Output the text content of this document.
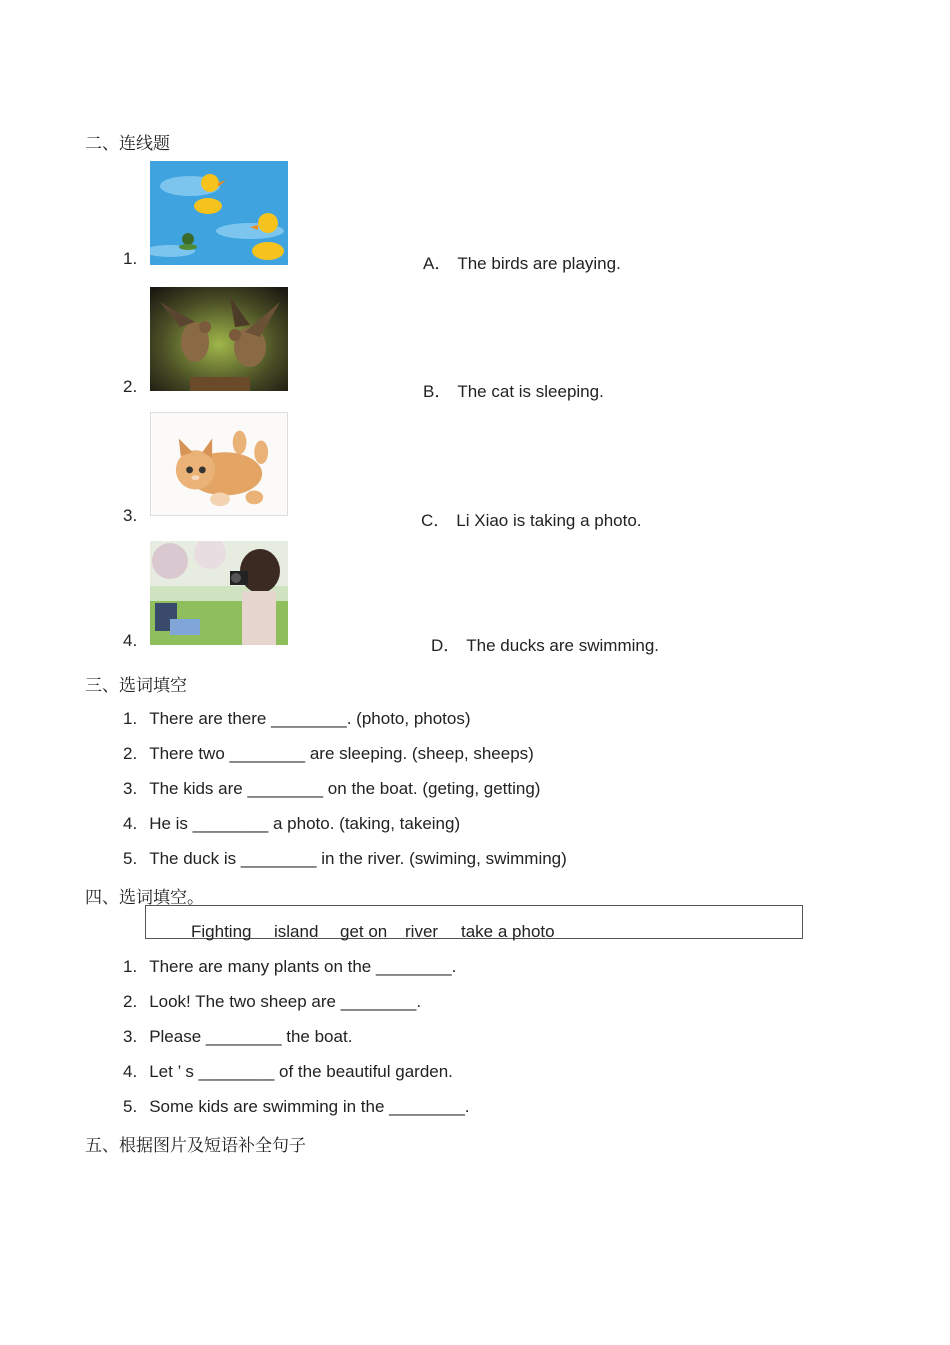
二、连线题
1.
2.
3.
4.
A． The birds are playing.
B． The cat is sleeping.
C． Li Xiao is taking a photo.
D． The ducks are swimming.
三、选词填空
1. There are there ________. (photo, photos)
2. There two ________ are sleeping. (sheep, sheeps)
3. The kids are ________ on the boat. (geting, getting)
4. He is ________ a photo. (taking, takeing)
5. The duck is ________ in the river. (swiming, swimming)
四、选词填空。
Fighting island get on river take a photo
1. There are many plants on the ________.
2. Look! The two sheep are ________.
3. Please ________ the boat.
4. Let ’ s ________ of the beautiful garden.
5. Some kids are swimming in the ________.
五、根据图片及短语补全句子
